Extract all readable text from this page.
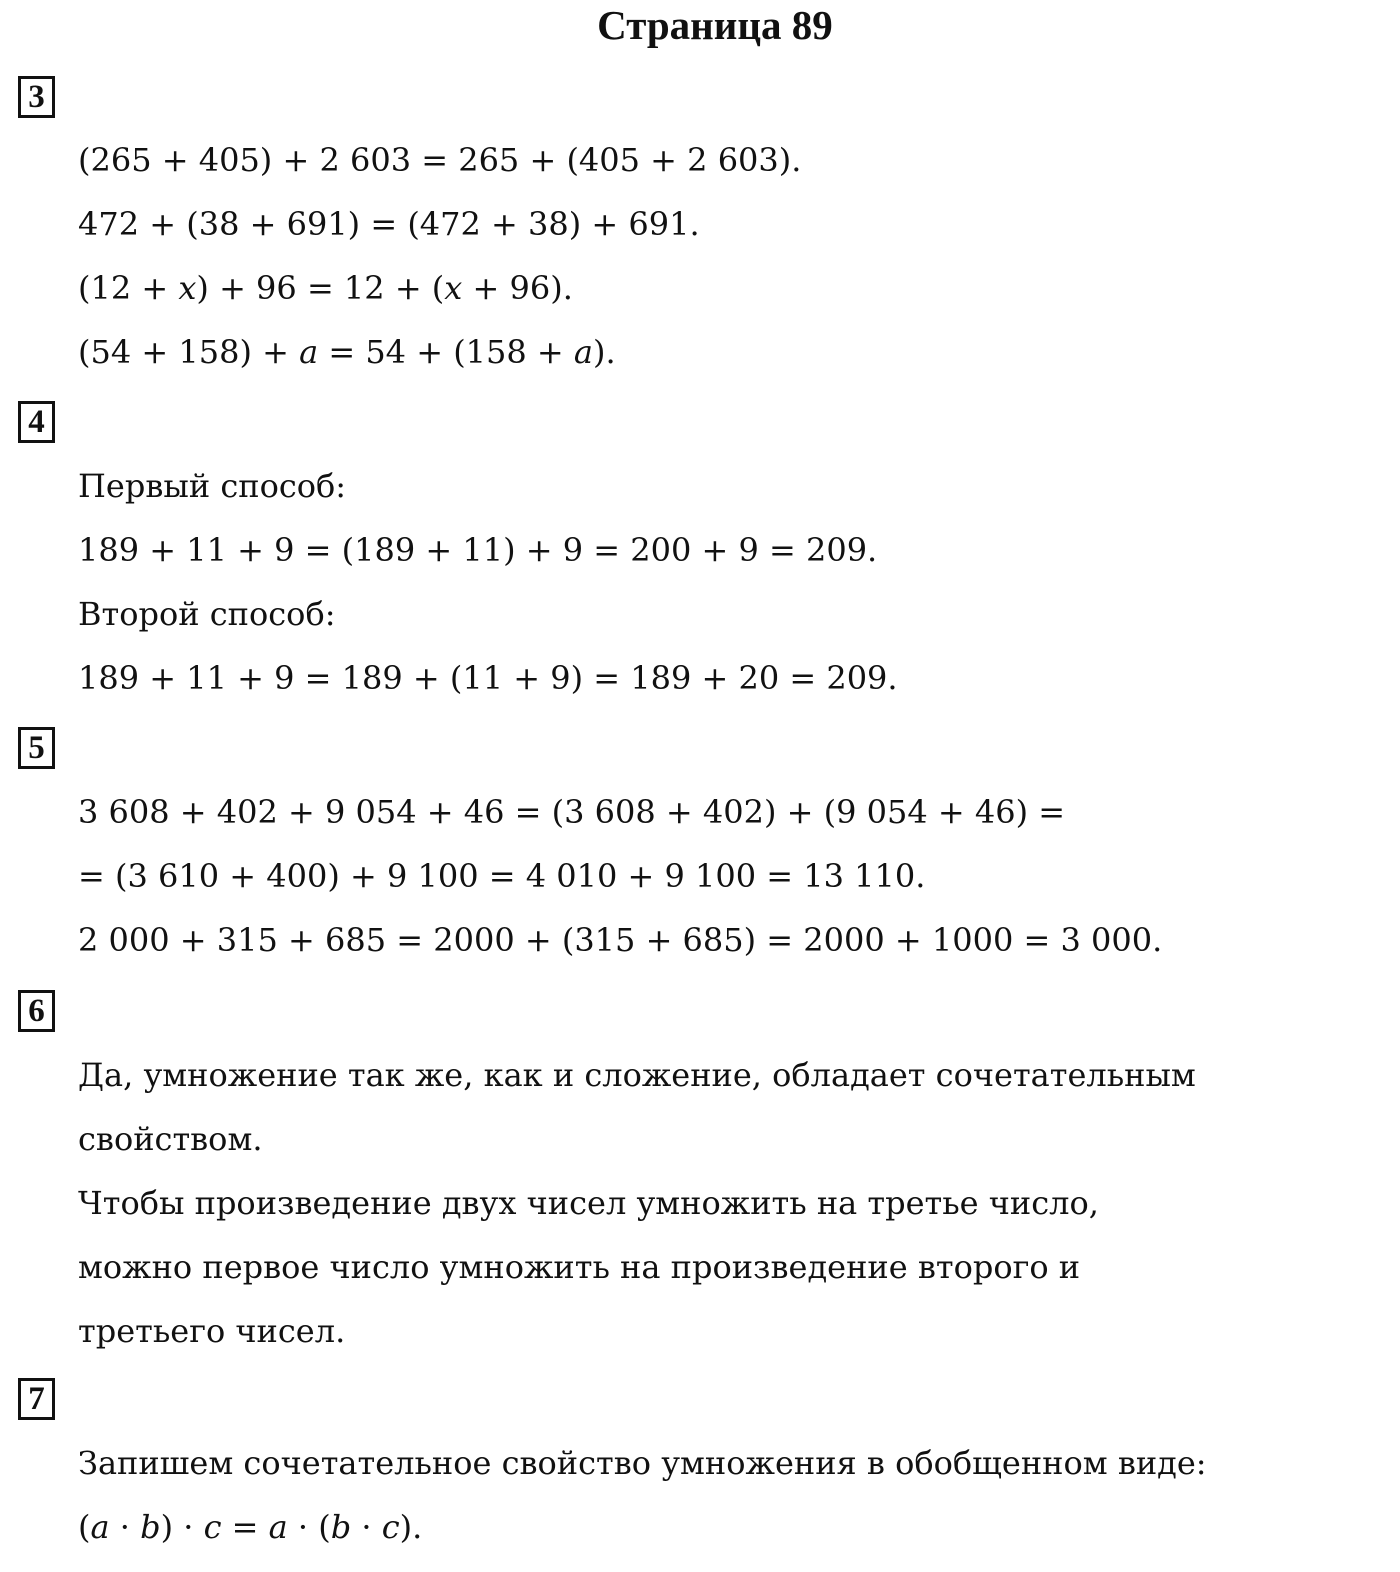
Страница 89
3
(265 + 405) + 2 603 = 265 + (405 + 2 603).
472 + (38 + 691) = (472 + 38) + 691.
(12 + x) + 96 = 12 + (x + 96).
(54 + 158) + a = 54 + (158 + a).
4
Первый способ:
189 + 11 + 9 = (189 + 11) + 9 = 200 + 9 = 209.
Второй способ:
189 + 11 + 9 = 189 + (11 + 9) = 189 + 20 = 209.
5
3 608 + 402 + 9 054 + 46 = (3 608 + 402) + (9 054 + 46) =
= (3 610 + 400) + 9 100 = 4 010 + 9 100 = 13 110.
2 000 + 315 + 685 = 2000 + (315 + 685) = 2000 + 1000 = 3 000.
6
Да, умножение так же, как и сложение, обладает сочетательным
свойством.
Чтобы произведение двух чисел умножить на третье число,
можно первое число умножить на произведение второго и
третьего чисел.
7
Запишем сочетательное свойство умножения в обобщенном виде:
(a · b) · c = a · (b · c).
